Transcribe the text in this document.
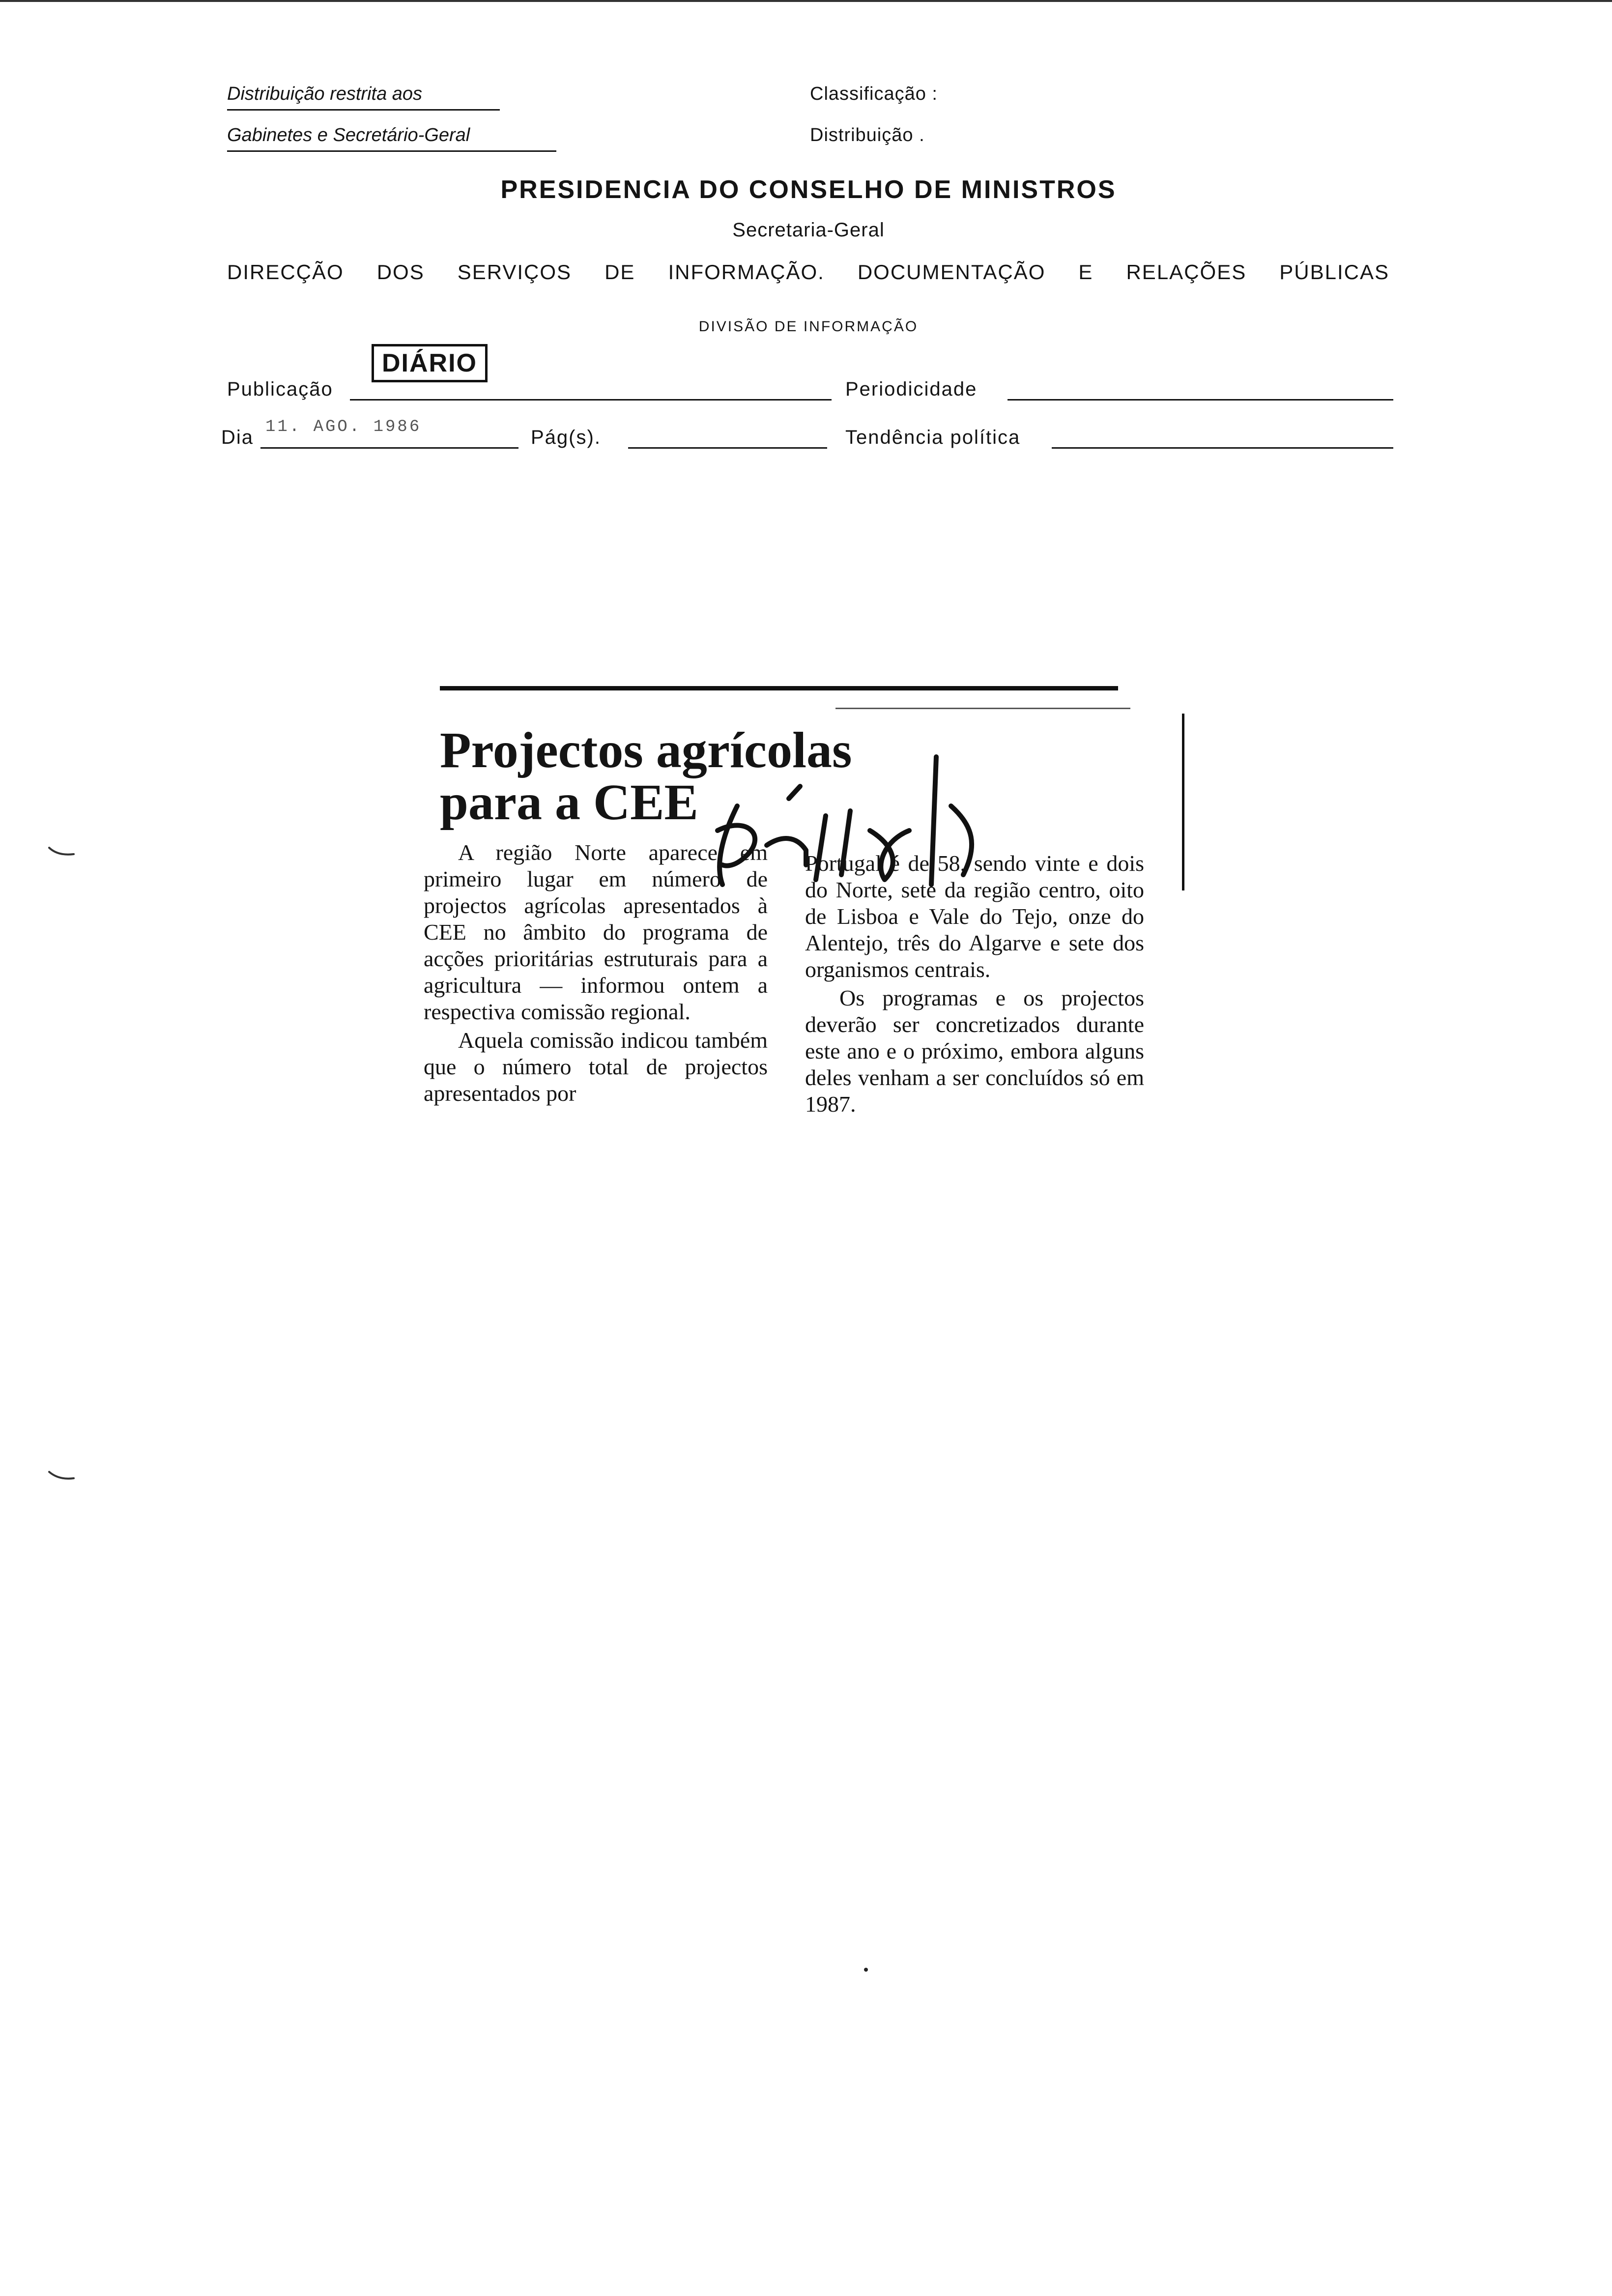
Distribuição restrita aos
Gabinetes e Secretário-Geral
Classificação :
Distribuição .
PRESIDENCIA DO CONSELHO DE MINISTROS
Secretaria-Geral
DIRECÇÃO DOS SERVIÇOS DE INFORMAÇÃO. DOCUMENTAÇÃO E RELAÇÕES PÚBLICAS
DIVISÃO DE INFORMAÇÃO
Publicação
DIÁRIO
Periodicidade
Dia 11. AGO. 1986	Pág(s).	Tendência política
Projectos agrícolas
para a CEE

A região Norte aparece em primeiro lugar em número de projectos agrícolas apresentados à CEE no âmbito do programa de acções prioritárias estruturais para a agricultura — informou ontem a respectiva comissão regional.

Aquela comissão indicou também que o número total de projectos apresentados por

Portugal é de 58, sendo vinte e dois do Norte, sete da região centro, oito de Lisboa e Vale do Tejo, onze do Alentejo, três do Algarve e sete dos organismos centrais.

Os programas e os projectos deverão ser concretizados durante este ano e o próximo, embora alguns deles venham a ser concluídos só em 1987.
